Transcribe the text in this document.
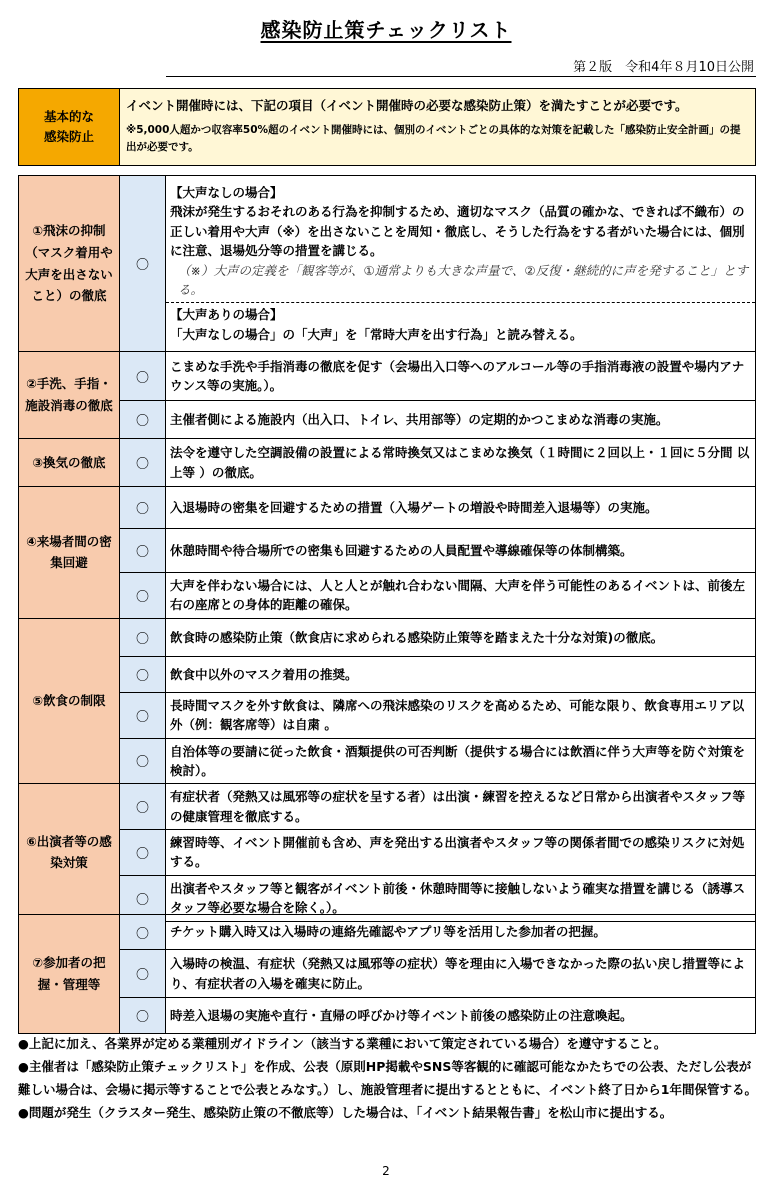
感染防止策チェックリスト
第２版　令和4年８月10日公開
基本的な
感染防止
イベント開催時には、下記の項目（イベント開催時の必要な感染防止策）を満たすことが必要です。
※5,000人超かつ収容率50%超のイベント開催時には、個別のイベントごとの具体的な対策を記載した「感染防止安全計画」の提出が必要です。
①飛沫の抑制（マスク着用や大声を出さないこと）の徹底	〇	【大声なしの場合】
飛沫が発生するおそれのある行為を抑制するため、適切なマスク（品質の確かな、できれば不織布）の正しい着用や大声（※）を出さないことを周知・徹底し、そうした行為をする者がいた場合には、個別に注意、退場処分等の措置を講じる。
（※）大声の定義を「観客等が、①通常よりも大きな声量で、②反復・継続的に声を発すること」とする。
【大声ありの場合】
「大声なしの場合」の「大声」を「常時大声を出す行為」と読み替える。

②手洗、手指・施設消毒の徹底	〇	こまめな手洗や手指消毒の徹底を促す（会場出入口等へのアルコール等の手指消毒液の設置や場内アナウンス等の実施。）。
	〇	主催者側による施設内（出入口、トイレ、共用部等）の定期的かつこまめな消毒の実施。
③換気の徹底	〇	法令を遵守した空調設備の設置による常時換気又はこまめな換気（１時間に２回以上・１回に５分間 以上等 ）の徹底。
④来場者間の密集回避	〇	入退場時の密集を回避するための措置（入場ゲートの増設や時間差入退場等）の実施。
	〇	休憩時間や待合場所での密集も回避するための人員配置や導線確保等の体制構築。
	〇	大声を伴わない場合には、人と人とが触れ合わない間隔、大声を伴う可能性のあるイベントは、前後左右の座席との身体的距離の確保。
⑤飲食の制限	〇	飲食時の感染防止策（飲食店に求められる感染防止策等を踏まえた十分な対策)の徹底。
	〇	飲食中以外のマスク着用の推奨。
	〇	長時間マスクを外す飲食は、隣席への飛沫感染のリスクを高めるため、可能な限り、飲食専用エリア以外（例：観客席等）は自粛 。
	〇	自治体等の要請に従った飲食・酒類提供の可否判断（提供する場合には飲酒に伴う大声等を防ぐ対策を検討）。
⑥出演者等の感染対策	〇	有症状者（発熱又は風邪等の症状を呈する者）は出演・練習を控えるなど日常から出演者やスタッフ等の健康管理を徹底する。
	〇	練習時等、イベント開催前も含め、声を発出する出演者やスタッフ等の関係者間での感染リスクに対処する。
	〇	出演者やスタッフ等と観客がイベント前後・休憩時間等に接触しないよう確実な措置を講じる（誘導スタッフ等必要な場合を除く。）。
⑦参加者の把握・管理等	〇	チケット購入時又は入場時の連絡先確認やアプリ等を活用した参加者の把握。
	〇	入場時の検温、有症状（発熱又は風邪等の症状）等を理由に入場できなかった際の払い戻し措置等により、有症状者の入場を確実に防止。
	〇	時差入退場の実施や直行・直帰の呼びかけ等イベント前後の感染防止の注意喚起。
●上記に加え、各業界が定める業種別ガイドライン（該当する業種において策定されている場合）を遵守すること。
●主催者は「感染防止策チェックリスト」を作成、公表（原則HP掲載やSNS等客観的に確認可能なかたちでの公表、ただし公表が難しい場合は、会場に掲示等することで公表とみなす。）し、施設管理者に提出するとともに、イベント終了日から1年間保管する。
●問題が発生（クラスター発生、感染防止策の不徹底等）した場合は、「イベント結果報告書」を松山市に提出する。
2
